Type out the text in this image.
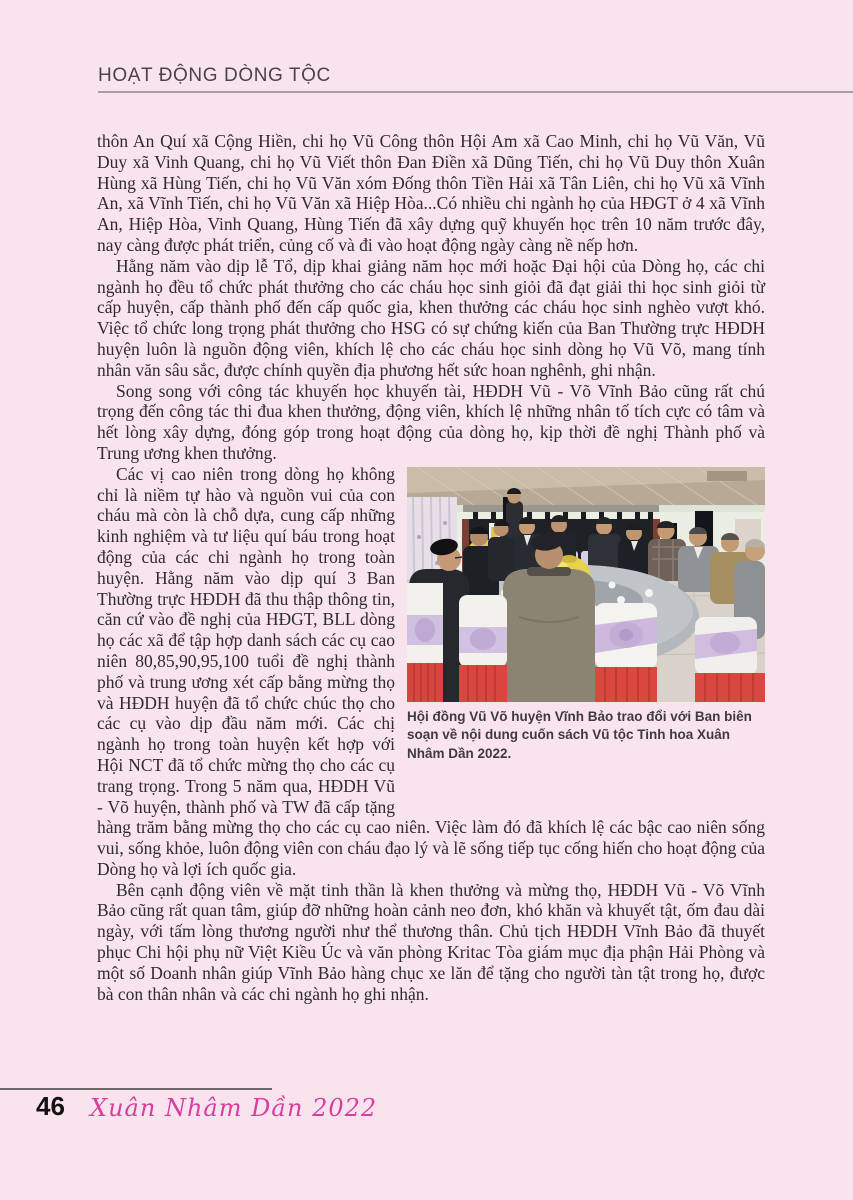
HOẠT ĐỘNG DÒNG TỘC

thôn An Quí xã Cộng Hiền, chi họ Vũ Công thôn Hội Am xã Cao Minh, chi họ Vũ Văn, Vũ Duy xã Vinh Quang, chi họ Vũ Viết thôn Đan Điền xã Dũng Tiến, chi họ Vũ Duy thôn Xuân Hùng xã Hùng Tiến, chi họ Vũ Văn xóm Đống thôn Tiền Hải xã Tân Liên, chi họ Vũ xã Vĩnh An, xã Vĩnh Tiến, chi họ Vũ Văn xã Hiệp Hòa...Có nhiều chi ngành họ của HĐGT ở 4 xã Vĩnh An, Hiệp Hòa, Vinh Quang, Hùng Tiến đã xây dựng quỹ khuyến học trên 10 năm trước đây, nay càng được phát triển, củng cố và đi vào hoạt động ngày càng nề nếp hơn.

Hằng năm vào dịp lễ Tổ, dịp khai giảng năm học mới hoặc Đại hội của Dòng họ, các chi ngành họ đều tổ chức phát thưởng cho các cháu học sinh giỏi đã đạt giải thi học sinh giỏi từ cấp huyện, cấp thành phố đến cấp quốc gia, khen thưởng các cháu học sinh nghèo vượt khó. Việc tổ chức long trọng phát thưởng cho HSG có sự chứng kiến của Ban Thường trực HĐDH huyện luôn là nguồn động viên, khích lệ cho các cháu học sinh dòng họ Vũ Võ, mang tính nhân văn sâu sắc, được chính quyền địa phương hết sức hoan nghênh, ghi nhận.

Song song với công tác khuyến học khuyến tài, HĐDH Vũ - Võ Vĩnh Bảo cũng rất chú trọng đến công tác thi đua khen thưởng, động viên, khích lệ những nhân tố tích cực có tâm và hết lòng xây dựng, đóng góp trong hoạt động của dòng họ, kịp thời đề nghị Thành phố và Trung ương khen thưởng.

Hội đồng Vũ Võ huyện Vĩnh Bảo trao đổi với Ban biên soạn về nội dung cuốn sách Vũ tộc Tinh hoa Xuân Nhâm Dần 2022.

Các vị cao niên trong dòng họ không chỉ là niềm tự hào và nguồn vui của con cháu mà còn là chỗ dựa, cung cấp những kinh nghiệm và tư liệu quí báu trong hoạt động của các chi ngành họ trong toàn huyện. Hằng năm vào dịp quí 3 Ban Thường trực HĐDH đã thu thập thông tin, căn cứ vào đề nghị của HĐGT, BLL dòng họ các xã để tập hợp danh sách các cụ cao niên 80,85,90,95,100 tuổi đề nghị thành phố và trung ương xét cấp bằng mừng thọ và HĐDH huyện đã tổ chức chúc thọ cho các cụ vào dịp đầu năm mới. Các chị ngành họ trong toàn huyện kết hợp với Hội NCT đã tổ chức mừng thọ cho các cụ trang trọng. Trong 5 năm qua, HĐDH Vũ - Võ huyện, thành phố và TW đã cấp tặng hàng trăm bằng mừng thọ cho các cụ cao niên. Việc làm đó đã khích lệ các bậc cao niên sống vui, sống khỏe, luôn động viên con cháu đạo lý và lẽ sống tiếp tục cống hiến cho hoạt động của Dòng họ và lợi ích quốc gia.

Bên cạnh động viên về mặt tinh thần là khen thưởng và mừng thọ, HĐDH Vũ - Võ Vĩnh Bảo cũng rất quan tâm, giúp đỡ những hoàn cảnh neo đơn, khó khăn và khuyết tật, ốm đau dài ngày, với tấm lòng thương người như thể thương thân. Chủ tịch HĐDH Vĩnh Bảo đã thuyết phục Chi hội phụ nữ Việt Kiều Úc và văn phòng Kritac Tòa giám mục địa phận Hải Phòng và một số Doanh nhân giúp Vĩnh Bảo hàng chục xe lăn để tặng cho người tàn tật trong họ, được bà con thân nhân và các chi ngành họ ghi nhận.

46 Xuân Nhâm Dần 2022
